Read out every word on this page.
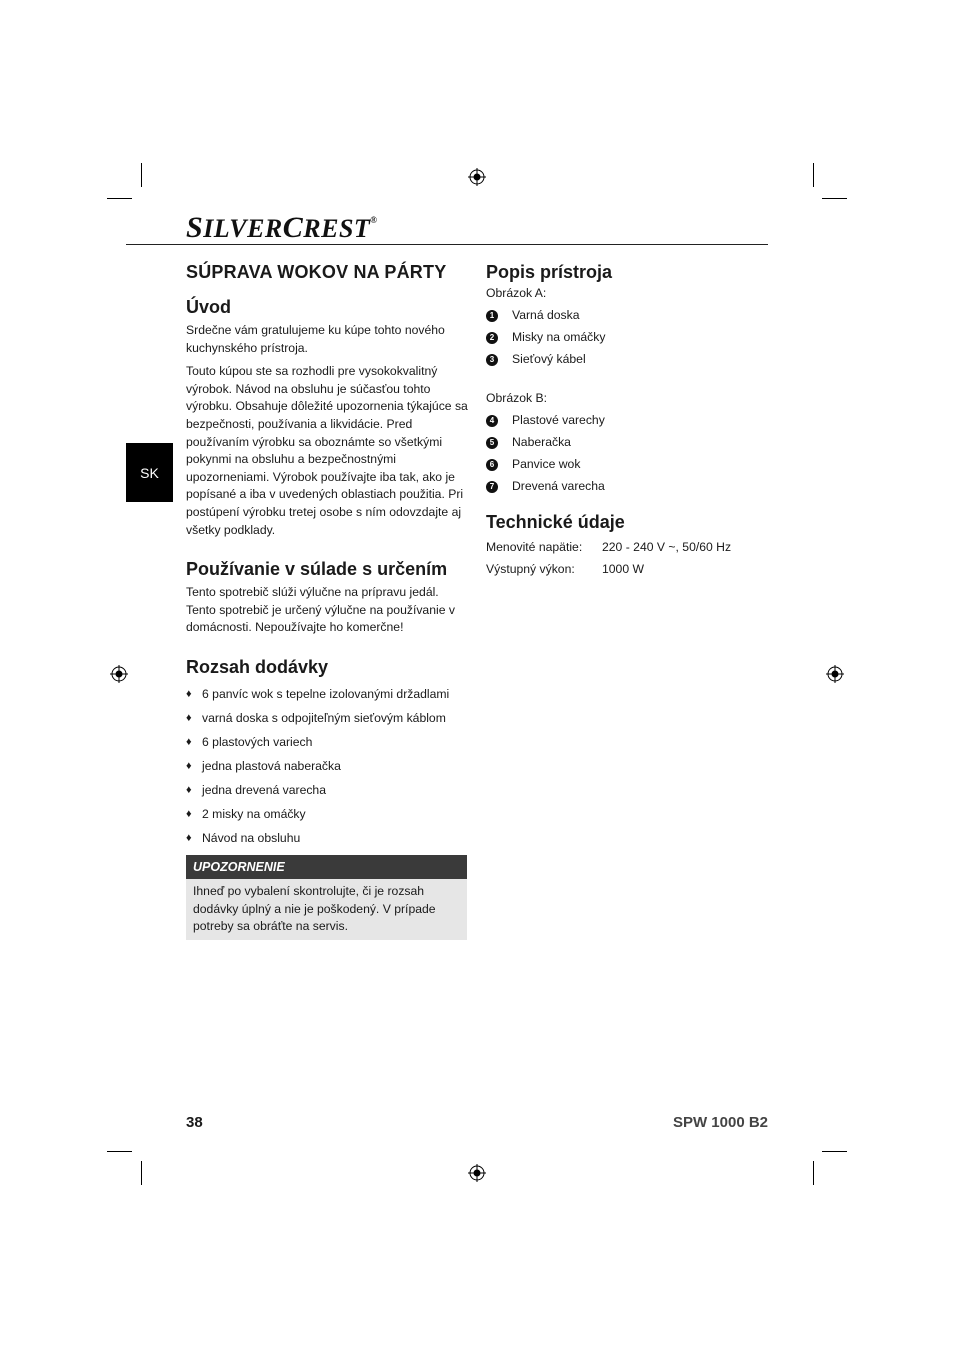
SILVERCREST®
SK
SÚPRAVA WOKOV NA PÁRTY
Úvod

Srdečne vám gratulujeme ku kúpe tohto nového kuchynského prístroja.

Touto kúpou ste sa rozhodli pre vysokokvalitný výrobok. Návod na obsluhu je súčasťou tohto výrobku. Obsahuje dôležité upozornenia týkajúce sa bezpečnosti, používania a likvidácie. Pred používaním výrobku sa oboznámte so všetkými pokynmi na obsluhu a bezpečnostnými upozorneniami. Výrobok používajte iba tak, ako je popísané a iba v uvedených oblastiach použitia. Pri postúpení výrobku tretej osobe s ním odovzdajte aj všetky podklady.

Používanie v súlade s určením

Tento spotrebič slúži výlučne na prípravu jedál. Tento spotrebič je určený výlučne na používanie v domácnosti. Nepoužívajte ho komerčne!

Rozsah dodávky
♦ 6 panvíc wok s tepelne izolovanými držadlami
♦ varná doska s odpojiteľným sieťovým káblom
♦ 6 plastových variech
♦ jedna plastová naberačka
♦ jedna drevená varecha
♦ 2 misky na omáčky
♦ Návod na obsluhu
UPOZORNENIE
Ihneď po vybalení skontrolujte, či je rozsah dodávky úplný a nie je poškodený. V prípade potreby sa obráťte na servis.
Popis prístroja
Obrázok A:
1	Varná doska
2	Misky na omáčky
3	Sieťový kábel
Obrázok B:
4	Plastové varechy
5	Naberačka
6	Panvice wok
7	Drevená varecha
Technické údaje
Menovité napätie:	220 - 240 V ~, 50/60 Hz
Výstupný výkon:	1000 W
38	SPW 1000 B2
